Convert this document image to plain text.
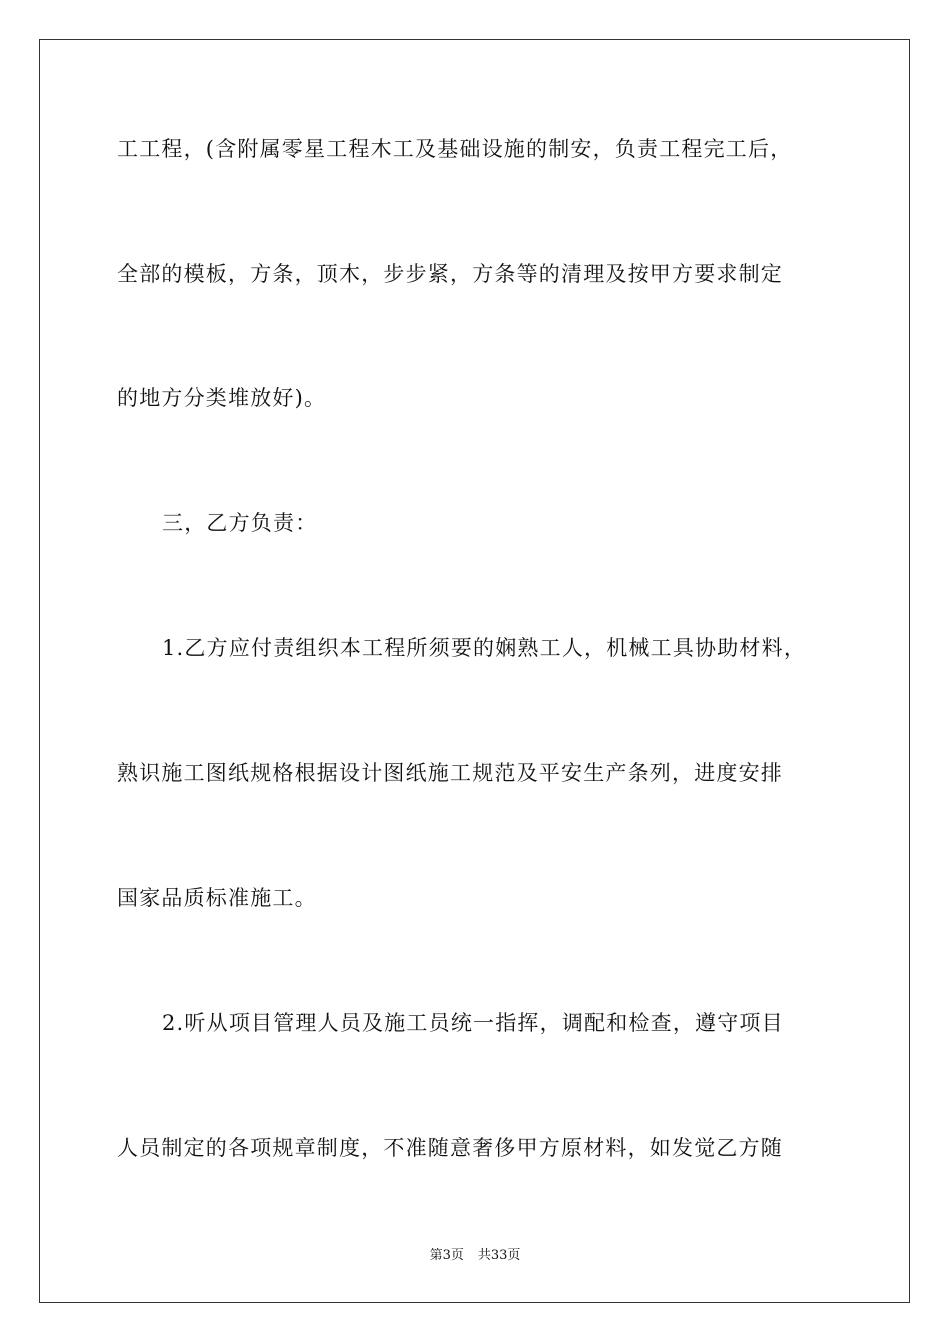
工工程，(含附属零星工程木工及基础设施的制安，负责工程完工后，
全部的模板，方条，顶木，步步紧，方条等的清理及按甲方要求制定
的地方分类堆放好)。
三，乙方负责：
1.乙方应付责组织本工程所须要的娴熟工人，机械工具协助材料，
熟识施工图纸规格根据设计图纸施工规范及平安生产条列，进度安排
国家品质标准施工。
2.听从项目管理人员及施工员统一指挥，调配和检查，遵守项目
人员制定的各项规章制度，不准随意奢侈甲方原材料，如发觉乙方随
第3页 共33页
